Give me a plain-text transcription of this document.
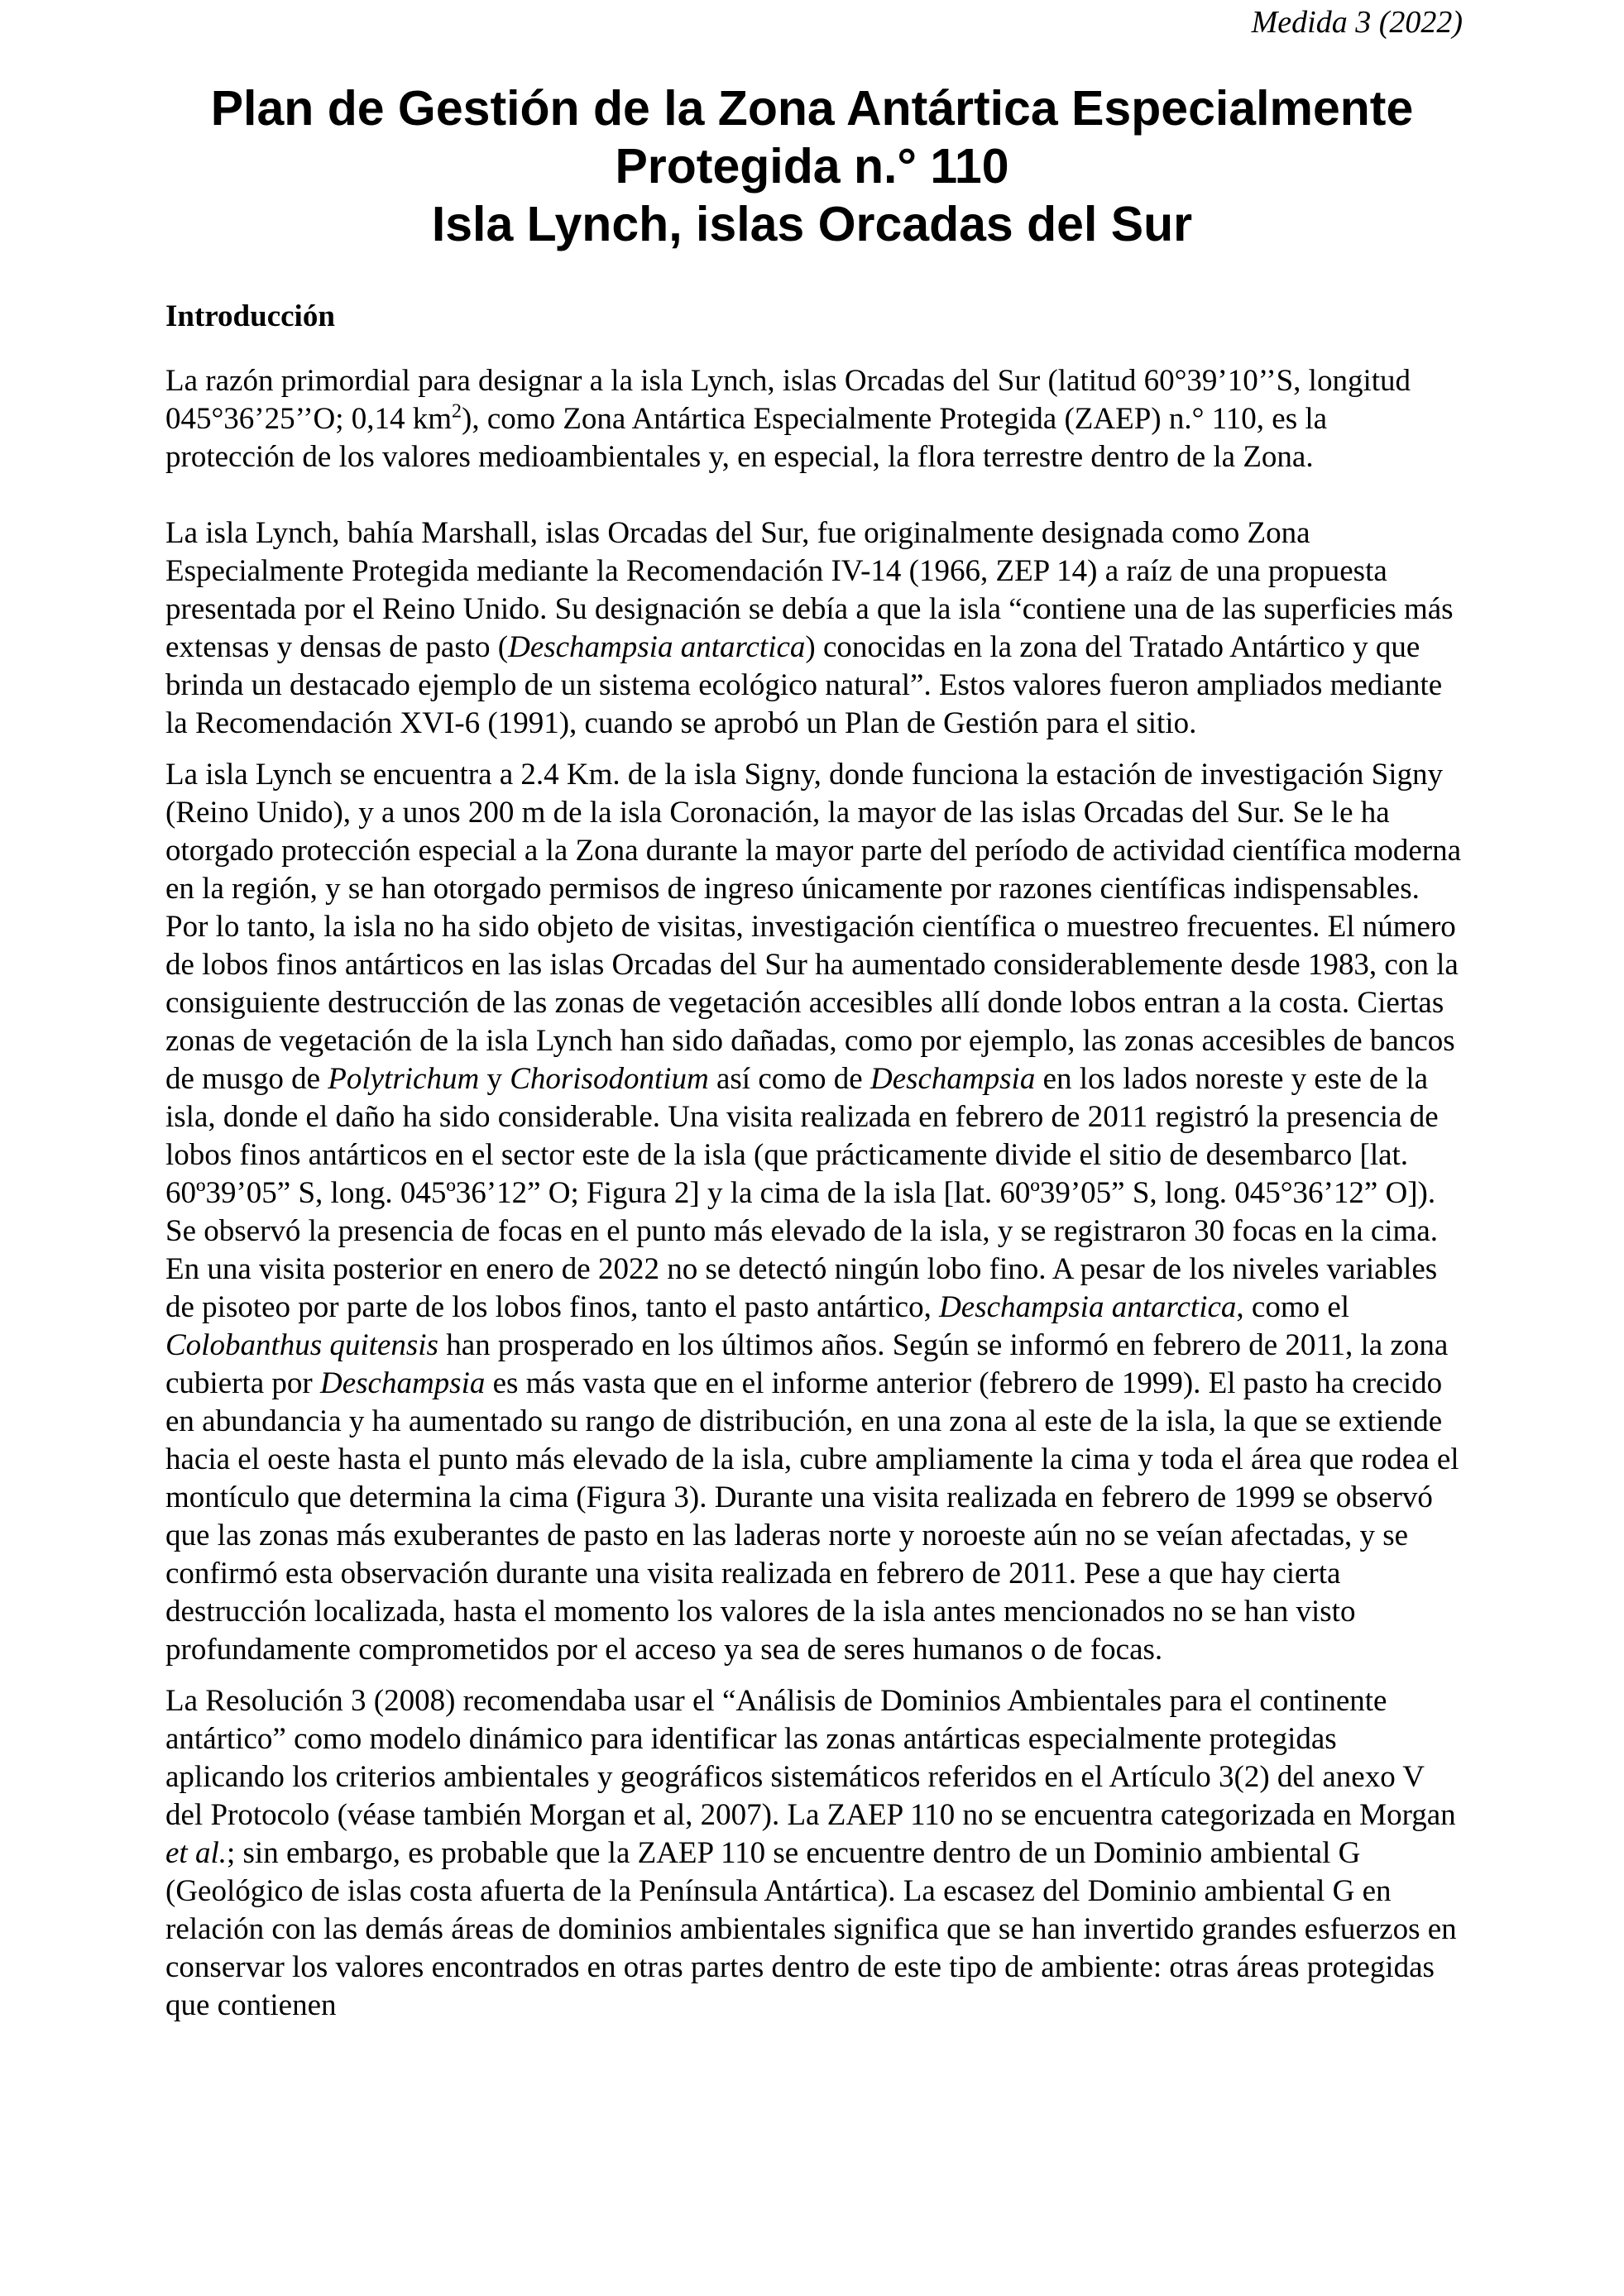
Medida 3 (2022)
Plan de Gestión de la Zona Antártica Especialmente
Protegida n.° 110
Isla Lynch, islas Orcadas del Sur
Introducción

La razón primordial para designar a la isla Lynch, islas Orcadas del Sur (latitud 60°39’10’’S, longitud 045°36’25’’O; 0,14 $km^2$), como Zona Antártica Especialmente Protegida (ZAEP) n.° 110, es la protección de los valores medioambientales y, en especial, la flora terrestre dentro de la Zona.

La isla Lynch, bahía Marshall, islas Orcadas del Sur, fue originalmente designada como Zona Especialmente Protegida mediante la Recomendación IV-14 (1966, ZEP 14) a raíz de una propuesta presentada por el Reino Unido. Su designación se debía a que la isla “contiene una de las superficies más extensas y densas de pasto (Deschampsia antarctica) conocidas en la zona del Tratado Antártico y que brinda un destacado ejemplo de un sistema ecológico natural”. Estos valores fueron ampliados mediante la Recomendación XVI-6 (1991), cuando se aprobó un Plan de Gestión para el sitio.

La isla Lynch se encuentra a 2.4 Km. de la isla Signy, donde funciona la estación de investigación Signy (Reino Unido), y a unos 200 m de la isla Coronación, la mayor de las islas Orcadas del Sur. Se le ha otorgado protección especial a la Zona durante la mayor parte del período de actividad científica moderna en la región, y se han otorgado permisos de ingreso únicamente por razones científicas indispensables. Por lo tanto, la isla no ha sido objeto de visitas, investigación científica o muestreo frecuentes. El número de lobos finos antárticos en las islas Orcadas del Sur ha aumentado considerablemente desde 1983, con la consiguiente destrucción de las zonas de vegetación accesibles allí donde lobos entran a la costa. Ciertas zonas de vegetación de la isla Lynch han sido dañadas, como por ejemplo, las zonas accesibles de bancos de musgo de Polytrichum y Chorisodontium así como de Deschampsia en los lados noreste y este de la isla, donde el daño ha sido considerable. Una visita realizada en febrero de 2011 registró la presencia de lobos finos antárticos en el sector este de la isla (que prácticamente divide el sitio de desembarco [lat. 60º39’05” S, long. 045º36’12” O; Figura 2] y la cima de la isla [lat. 60º39’05” S, long. 045°36’12” O]). Se observó la presencia de focas en el punto más elevado de la isla, y se registraron 30 focas en la cima. En una visita posterior en enero de 2022 no se detectó ningún lobo fino. A pesar de los niveles variables de pisoteo por parte de los lobos finos, tanto el pasto antártico, Deschampsia antarctica, como el Colobanthus quitensis han prosperado en los últimos años. Según se informó en febrero de 2011, la zona cubierta por Deschampsia es más vasta que en el informe anterior (febrero de 1999). El pasto ha crecido en abundancia y ha aumentado su rango de distribución, en una zona al este de la isla, la que se extiende hacia el oeste hasta el punto más elevado de la isla, cubre ampliamente la cima y toda el área que rodea el montículo que determina la cima (Figura 3). Durante una visita realizada en febrero de 1999 se observó que las zonas más exuberantes de pasto en las laderas norte y noroeste aún no se veían afectadas, y se confirmó esta observación durante una visita realizada en febrero de 2011. Pese a que hay cierta destrucción localizada, hasta el momento los valores de la isla antes mencionados no se han visto profundamente comprometidos por el acceso ya sea de seres humanos o de focas.

La Resolución 3 (2008) recomendaba usar el “Análisis de Dominios Ambientales para el continente antártico” como modelo dinámico para identificar las zonas antárticas especialmente protegidas aplicando los criterios ambientales y geográficos sistemáticos referidos en el Artículo 3(2) del anexo V del Protocolo (véase también Morgan et al, 2007). La ZAEP 110 no se encuentra categorizada en Morgan et al.; sin embargo, es probable que la ZAEP 110 se encuentre dentro de un Dominio ambiental G (Geológico de islas costa afuerta de la Península Antártica). La escasez del Dominio ambiental G en relación con las demás áreas de dominios ambientales significa que se han invertido grandes esfuerzos en conservar los valores encontrados en otras partes dentro de este tipo de ambiente: otras áreas protegidas que contienen
